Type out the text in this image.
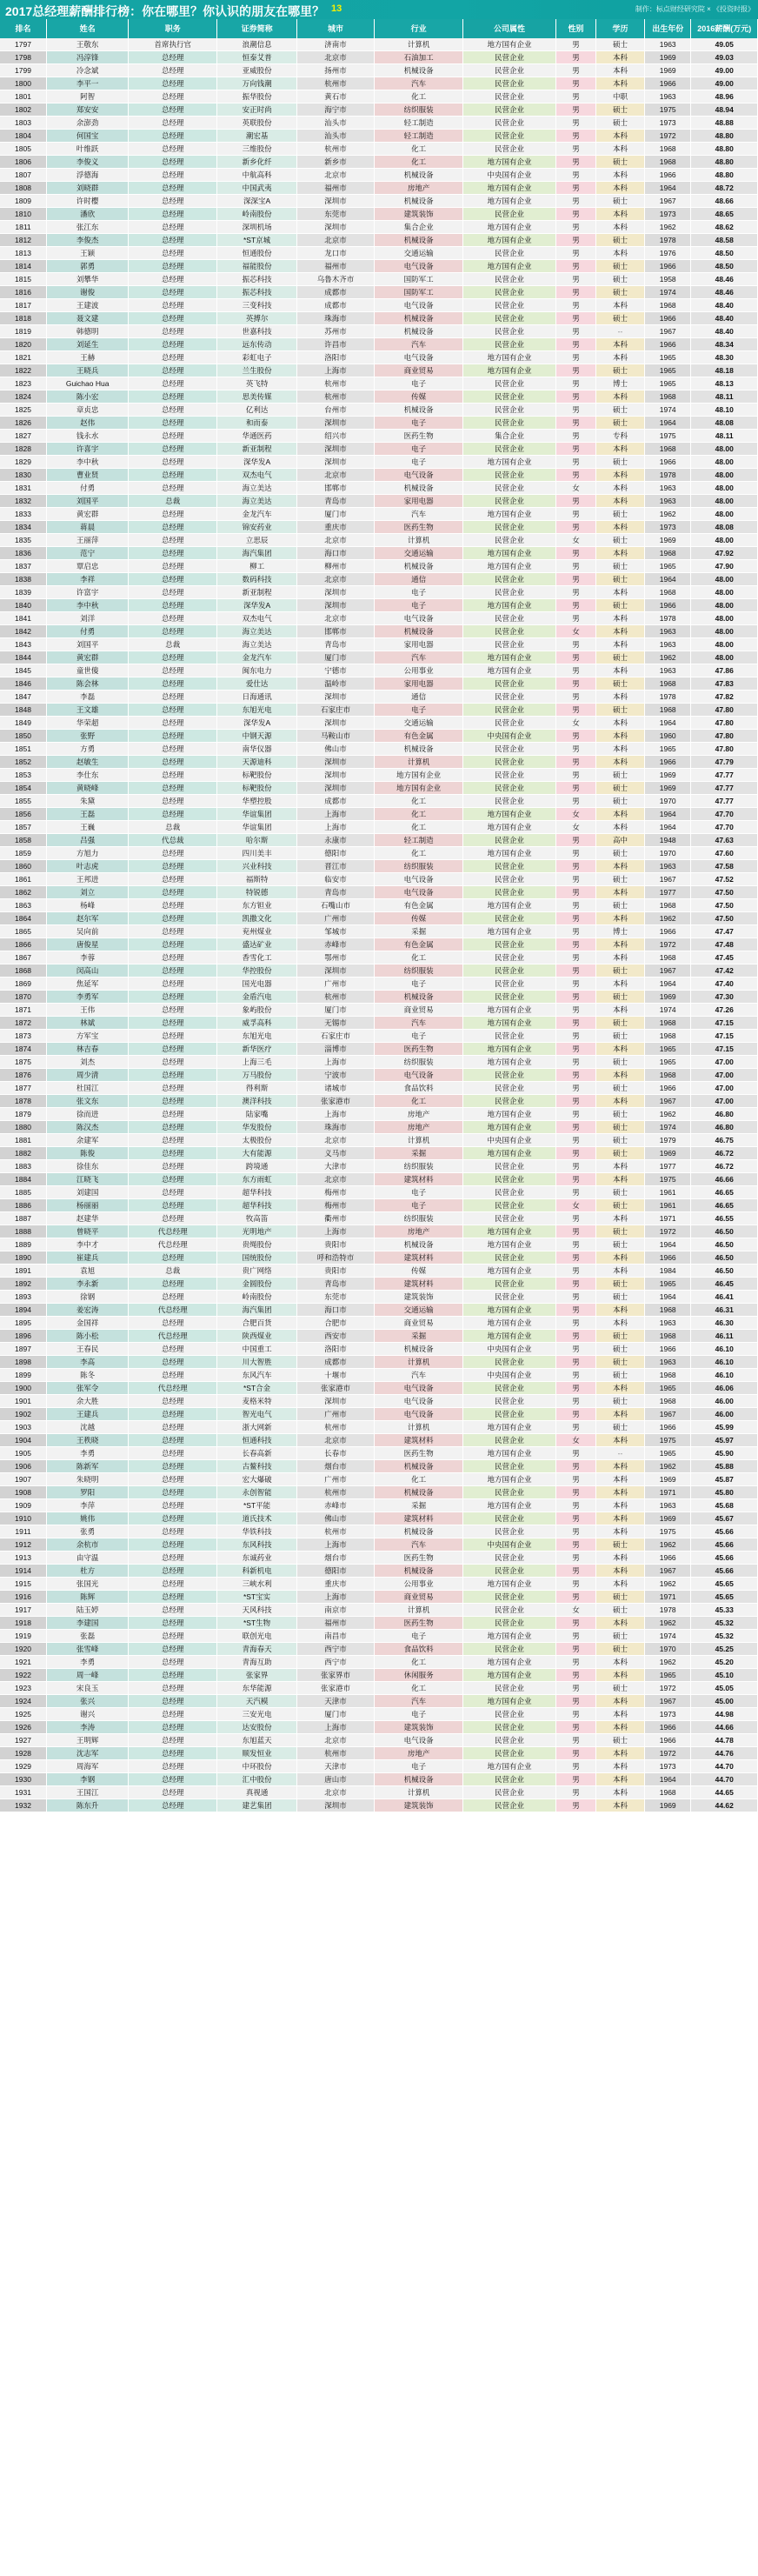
2017总经理薪酬排行榜：你在哪里？你认识的朋友在哪里？ 13	制作：标点财经研究院 × 《投资时报》
排名	姓名	职务	证券简称	城市	行业	公司属性	性别	学历	出生年份	2016薪酬(万元)
1797	王敬东	首席执行官	浪潮信息	济南市	计算机	地方国有企业	男	硕士	1963	49.05
1798	冯淳锋	总经理	恒泰艾普	北京市	石油加工	民营企业	男	本科	1969	49.03
1799	冷念斌	总经理	亚威股份	扬州市	机械设备	民营企业	男	本科	1969	49.00
1800	李平一	总经理	万向钱潮	杭州市	汽车	民营企业	男	本科	1966	49.00
1801	阿智	总经理	振华股份	黄石市	化工	民营企业	男	中职	1963	48.96
1802	郑安安	总经理	安正时尚	海宁市	纺织服装	民营企业	男	硕士	1975	48.94
1803	余澎劲	总经理	英联股份	汕头市	轻工制造	民营企业	男	硕士	1973	48.88
1804	何国宝	总经理	潮宏基	汕头市	轻工制造	民营企业	男	本科	1972	48.80
1805	叶维跃	总经理	三维股份	杭州市	化工	民营企业	男	本科	1968	48.80
1806	李俊义	总经理	新乡化纤	新乡市	化工	地方国有企业	男	硕士	1968	48.80
1807	浮德海	总经理	中航高科	北京市	机械设备	中央国有企业	男	本科	1966	48.80
1808	刘晓群	总经理	中国武夷	福州市	房地产	地方国有企业	男	本科	1964	48.72
1809	许时樱	总经理	深深宝A	深圳市	机械设备	地方国有企业	男	硕士	1967	48.66
1810	潘欣	总经理	岭南股份	东莞市	建筑装饰	民营企业	男	本科	1973	48.65
1811	张江东	总经理	深圳机场	深圳市	集合企业	地方国有企业	男	本科	1962	48.62
1812	李俊杰	总经理	*ST京城	北京市	机械设备	地方国有企业	男	硕士	1978	48.58
1813	王颖	总经理	恒通股份	龙口市	交通运输	民营企业	男	本科	1976	48.50
1814	郭勇	总经理	福能股份	福州市	电气设备	地方国有企业	男	硕士	1966	48.50
1815	刘攀华	总经理	振芯科技	乌鲁木齐市	国防军工	民营企业	男	硕士	1958	48.46
1816	谢俊	总经理	振芯科技	成都市	国防军工	民营企业	男	硕士	1974	48.46
1817	王建波	总经理	三变科技	成都市	电气设备	民营企业	男	本科	1968	48.40
1818	聂文建	总经理	英搏尔	珠海市	机械设备	民营企业	男	硕士	1966	48.40
1819	韩德明	总经理	世嘉科技	苏州市	机械设备	民营企业	男	--	1967	48.40
1820	刘延生	总经理	远东传动	许昌市	汽车	民营企业	男	本科	1966	48.34
1821	王赫	总经理	彩虹电子	洛阳市	电气设备	地方国有企业	男	本科	1965	48.30
1822	王晓兵	总经理	兰生股份	上海市	商业贸易	地方国有企业	男	硕士	1965	48.18
1823	Guichao Hua	总经理	英飞特	杭州市	电子	民营企业	男	博士	1965	48.13
1824	陈小宏	总经理	思美传媒	杭州市	传媒	民营企业	男	本科	1968	48.11
1825	章贞忠	总经理	亿利达	台州市	机械设备	民营企业	男	硕士	1974	48.10
1826	赵伟	总经理	和而泰	深圳市	电子	民营企业	男	硕士	1964	48.08
1827	钱永水	总经理	华通医药	绍兴市	医药生物	集合企业	男	专科	1975	48.11
1828	许喜宇	总经理	新亚制程	深圳市	电子	民营企业	男	本科	1968	48.00
1829	李中秋	总经理	深华发A	深圳市	电子	地方国有企业	男	硕士	1966	48.00
1830	曹业贤	总经理	双杰电气	北京市	电气设备	民营企业	男	本科	1978	48.00
1831	付勇	总经理	海立美达	邯郸市	机械设备	民营企业	女	本科	1963	48.00
1832	刘国平	总裁	海立美达	青岛市	家用电器	民营企业	男	本科	1963	48.00
1833	黄宏群	总经理	金龙汽车	厦门市	汽车	地方国有企业	男	硕士	1962	48.00
1834	蒋晨	总经理	锦安药业	重庆市	医药生物	民营企业	男	本科	1973	48.08
1835	王丽萍	总经理	立思辰	北京市	计算机	民营企业	女	硕士	1969	48.00
1836	范宁	总经理	海汽集团	海口市	交通运输	地方国有企业	男	本科	1968	47.92
1837	覃启忠	总经理	柳工	柳州市	机械设备	地方国有企业	男	硕士	1965	47.90
1838	李祥	总经理	数码科技	北京市	通信	民营企业	男	硕士	1964	48.00
1839	许富宇	总经理	新亚制程	深圳市	电子	民营企业	男	本科	1968	48.00
1840	李中秋	总经理	深华发A	深圳市	电子	地方国有企业	男	硕士	1966	48.00
1841	刘洋	总经理	双杰电气	北京市	电气设备	民营企业	男	本科	1978	48.00
1842	付勇	总经理	海立美达	邯郸市	机械设备	民营企业	女	本科	1963	48.00
1843	刘国平	总裁	海立美达	青岛市	家用电器	民营企业	男	本科	1963	48.00
1844	黄宏群	总经理	金龙汽车	厦门市	汽车	地方国有企业	男	硕士	1962	48.00
1845	童世傻	总经理	闽东电力	宁德市	公用事业	地方国有企业	男	本科	1963	47.86
1846	陈会林	总经理	爱仕达	温岭市	家用电器	民营企业	男	硕士	1968	47.83
1847	李磊	总经理	日海通讯	深圳市	通信	民营企业	男	本科	1978	47.82
1848	王文雄	总经理	东旭光电	石家庄市	电子	民营企业	男	硕士	1968	47.80
1849	华荣超	总经理	深华发A	深圳市	交通运输	民营企业	女	本科	1964	47.80
1850	张野	总经理	中钢天源	马鞍山市	有色金属	中央国有企业	男	本科	1960	47.80
1851	方勇	总经理	南华仪器	佛山市	机械设备	民营企业	男	本科	1965	47.80
1852	赵敏生	总经理	天源迪科	深圳市	计算机	民营企业	男	本科	1966	47.79
1853	李仕东	总经理	标靶股份	深圳市	地方国有企业	民营企业	男	硕士	1969	47.77
1854	黄晓峰	总经理	标靶股份	深圳市	地方国有企业	民营企业	男	硕士	1969	47.77
1855	朱黛	总经理	华塑控股	成都市	化工	民营企业	男	硕士	1970	47.77
1856	王磊	总经理	华谊集团	上海市	化工	地方国有企业	女	本科	1964	47.70
1857	王巍	总裁	华谊集团	上海市	化工	地方国有企业	女	本科	1964	47.70
1858	吕强	代总裁	哈尔斯	永康市	轻工制造	民营企业	男	高中	1948	47.63
1859	方旭力	总经理	四川美丰	德阳市	化工	地方国有企业	男	硕士	1970	47.60
1860	叶志虎	总经理	兴业科技	晋江市	纺织服装	民营企业	男	本科	1963	47.58
1861	王邦进	总经理	福斯特	临安市	电气设备	民营企业	男	硕士	1967	47.52
1862	刘立	总经理	特锐德	青岛市	电气设备	民营企业	男	本科	1977	47.50
1863	杨峰	总经理	东方钽业	石嘴山市	有色金属	地方国有企业	男	硕士	1968	47.50
1864	赵尔军	总经理	凯撒文化	广州市	传媒	民营企业	男	本科	1962	47.50
1865	吴向前	总经理	兖州煤业	邹城市	采掘	地方国有企业	男	博士	1966	47.47
1866	唐俊星	总经理	盛达矿业	赤峰市	有色金属	民营企业	男	本科	1972	47.48
1867	李蓉	总经理	香雪化工	鄂州市	化工	民营企业	男	本科	1968	47.45
1868	闵高山	总经理	华控股份	深圳市	纺织服装	民营企业	男	硕士	1967	47.42
1869	焦延军	总经理	国光电器	广州市	电子	民营企业	男	本科	1964	47.40
1870	李勇军	总经理	金盾汽电	杭州市	机械设备	民营企业	男	硕士	1969	47.30
1871	王伟	总经理	象屿股份	厦门市	商业贸易	地方国有企业	男	本科	1974	47.26
1872	林斌	总经理	威孚高科	无锡市	汽车	地方国有企业	男	硕士	1968	47.15
1873	方军宝	总经理	东旭光电	石家庄市	电子	民营企业	男	硕士	1968	47.15
1874	林吉春	总经理	新华医疗	淄博市	医药生物	地方国有企业	男	本科	1965	47.15
1875	刘杰	总经理	上海三毛	上海市	纺织服装	地方国有企业	男	硕士	1965	47.00
1876	周少清	总经理	万马股份	宁波市	电气设备	民营企业	男	本科	1968	47.00
1877	杜国江	总经理	得利斯	诸城市	食品饮料	民营企业	男	硕士	1966	47.00
1878	张文东	总经理	澳洋科技	张家港市	化工	民营企业	男	本科	1967	47.00
1879	徐而进	总经理	陆家嘴	上海市	房地产	地方国有企业	男	硕士	1962	46.80
1880	陈汉杰	总经理	华发股份	珠海市	房地产	地方国有企业	男	硕士	1974	46.80
1881	余建军	总经理	太极股份	北京市	计算机	中央国有企业	男	硕士	1979	46.75
1882	陈俊	总经理	大有能源	义马市	采掘	地方国有企业	男	硕士	1969	46.72
1883	徐佳东	总经理	跨境通	大津市	纺织服装	民营企业	男	本科	1977	46.72
1884	江晓飞	总经理	东方雨虹	北京市	建筑材料	民营企业	男	本科	1975	46.66
1885	刘建国	总经理	超华科技	梅州市	电子	民营企业	男	硕士	1961	46.65
1886	杨丽丽	总经理	超华科技	梅州市	电子	民营企业	女	硕士	1961	46.65
1887	赵建华	总经理	牧高笛	衢州市	纺织服装	民营企业	男	本科	1971	46.55
1888	曾晓平	代总经理	光明地产	上海市	房地产	地方国有企业	男	硕士	1972	46.50
1889	李中才	代总经理	贵绳股份	贵阳市	机械设备	地方国有企业	男	硕士	1964	46.50
1890	崔建兵	总经理	国统股份	呼和浩特市	建筑材料	民营企业	男	本科	1966	46.50
1891	袁旭	总裁	贵广网络	贵阳市	传媒	地方国有企业	男	本科	1984	46.50
1892	李永新	总经理	金圆股份	青岛市	建筑材料	民营企业	男	硕士	1965	46.45
1893	徐钢	总经理	岭南股份	东莞市	建筑装饰	民营企业	男	硕士	1964	46.41
1894	姜宏涛	代总经理	海汽集团	海口市	交通运输	地方国有企业	男	本科	1968	46.31
1895	金国祥	总经理	合肥百货	合肥市	商业贸易	地方国有企业	男	本科	1963	46.30
1896	陈小松	代总经理	陕西煤业	西安市	采掘	地方国有企业	男	硕士	1968	46.11
1897	王春民	总经理	中国重工	洛阳市	机械设备	中央国有企业	男	硕士	1966	46.10
1898	李高	总经理	川大智胜	成都市	计算机	民营企业	男	硕士	1963	46.10
1899	陈冬	总经理	东风汽车	十堰市	汽车	中央国有企业	男	硕士	1968	46.10
1900	张军令	代总经理	*ST合金	张家港市	电气设备	民营企业	男	本科	1965	46.06
1901	余大胜	总经理	麦格米特	深圳市	电气设备	民营企业	男	硕士	1968	46.00
1902	王建兵	总经理	智光电气	广州市	电气设备	民营企业	男	本科	1967	46.00
1903	沈越	总经理	浙大网新	杭州市	计算机	地方国有企业	男	硕士	1966	45.99
1904	王秩晓	总经理	恒通科技	北京市	建筑材料	民营企业	女	本科	1975	45.97
1905	李勇	总经理	长春高新	长春市	医药生物	地方国有企业	男	--	1965	45.90
1906	陈新军	总经理	古鳌科技	烟台市	机械设备	民营企业	男	本科	1962	45.88
1907	朱晓明	总经理	宏大爆破	广州市	化工	地方国有企业	男	本科	1969	45.87
1908	罗阳	总经理	永创智能	杭州市	机械设备	民营企业	男	本科	1971	45.80
1909	李萍	总经理	*ST平能	赤峰市	采掘	地方国有企业	男	本科	1963	45.68
1910	姚伟	总经理	道氏技术	佛山市	建筑材料	民营企业	男	本科	1969	45.67
1911	张勇	总经理	华铁科技	杭州市	机械设备	民营企业	男	本科	1975	45.66
1912	余杭市	总经理	东风科技	上海市	汽车	中央国有企业	男	硕士	1962	45.66
1913	由守温	总经理	东诚药业	烟台市	医药生物	民营企业	男	本科	1966	45.66
1914	杜方	总经理	科新机电	德阳市	机械设备	民营企业	男	本科	1967	45.66
1915	张国光	总经理	三峡水利	重庆市	公用事业	地方国有企业	男	本科	1962	45.65
1916	陈辉	总经理	*ST宝实	上海市	商业贸易	民营企业	男	硕士	1971	45.65
1917	陆玉婷	总经理	天风科技	南京市	计算机	民营企业	女	硕士	1978	45.33
1918	李建国	总经理	*ST生物	福州市	医药生物	民营企业	男	本科	1962	45.32
1919	张磊	总经理	联创光电	南昌市	电子	地方国有企业	男	硕士	1974	45.32
1920	张雪峰	总经理	青海春天	西宁市	食品饮料	民营企业	男	硕士	1970	45.25
1921	李勇	总经理	青海互助	西宁市	化工	地方国有企业	男	本科	1962	45.20
1922	周一峰	总经理	张家界	张家界市	休闲服务	地方国有企业	男	本科	1965	45.10
1923	宋良玉	总经理	东华能源	张家港市	化工	民营企业	男	硕士	1972	45.05
1924	张兴	总经理	天汽模	天津市	汽车	地方国有企业	男	本科	1967	45.00
1925	谢兴	总经理	三安光电	厦门市	电子	民营企业	男	本科	1973	44.98
1926	李涛	总经理	达安股份	上海市	建筑装饰	民营企业	男	本科	1966	44.66
1927	王明辉	总经理	东旭蓝天	北京市	电气设备	民营企业	男	硕士	1966	44.78
1928	沈志军	总经理	顺发恒业	杭州市	房地产	民营企业	男	本科	1972	44.76
1929	周海军	总经理	中环股份	天津市	电子	地方国有企业	男	本科	1973	44.70
1930	李钢	总经理	汇中股份	唐山市	机械设备	民营企业	男	本科	1964	44.70
1931	王国江	总经理	真视通	北京市	计算机	民营企业	男	本科	1968	44.65
1932	陈东升	总经理	建艺集团	深圳市	建筑装饰	民营企业	男	本科	1969	44.62
